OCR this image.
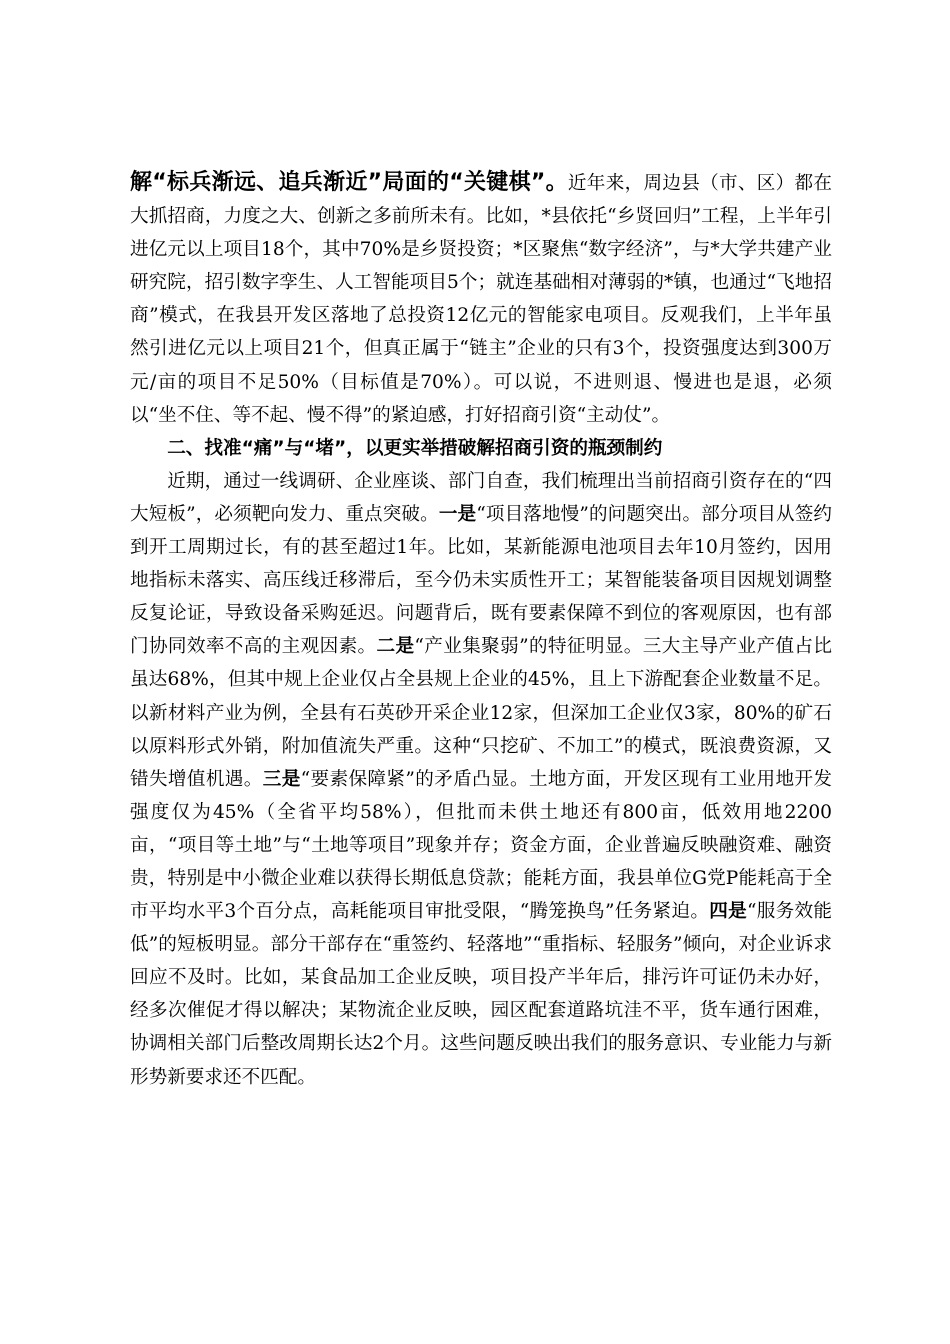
解“标兵渐远、追兵渐近”局面的“关键棋”。近年来，周边县（市、区）都在大抓招商，力度之大、创新之多前所未有。比如，*县依托“乡贤回归”工程，上半年引进亿元以上项目18个，其中70%是乡贤投资；*区聚焦“数字经济”，与*大学共建产业研究院，招引数字孪生、人工智能项目5个；就连基础相对薄弱的*镇，也通过“飞地招商”模式，在我县开发区落地了总投资12亿元的智能家电项目。反观我们，上半年虽然引进亿元以上项目21个，但真正属于“链主”企业的只有3个，投资强度达到300万元/亩的项目不足50%（目标值是70%）。可以说，不进则退、慢进也是退，必须以“坐不住、等不起、慢不得”的紧迫感，打好招商引资“主动仗”。

二、找准“痛”与“堵”，以更实举措破解招商引资的瓶颈制约

近期，通过一线调研、企业座谈、部门自查，我们梳理出当前招商引资存在的“四大短板”，必须靶向发力、重点突破。一是“项目落地慢”的问题突出。部分项目从签约到开工周期过长，有的甚至超过1年。比如，某新能源电池项目去年10月签约，因用地指标未落实、高压线迁移滞后，至今仍未实质性开工；某智能装备项目因规划调整反复论证，导致设备采购延迟。问题背后，既有要素保障不到位的客观原因，也有部门协同效率不高的主观因素。二是“产业集聚弱”的特征明显。三大主导产业产值占比虽达68%，但其中规上企业仅占全县规上企业的45%，且上下游配套企业数量不足。以新材料产业为例，全县有石英砂开采企业12家，但深加工企业仅3家，80%的矿石以原料形式外销，附加值流失严重。这种“只挖矿、不加工”的模式，既浪费资源，又错失增值机遇。三是“要素保障紧”的矛盾凸显。土地方面，开发区现有工业用地开发强度仅为45%（全省平均58%），但批而未供土地还有800亩，低效用地2200亩，“项目等土地”与“土地等项目”现象并存；资金方面，企业普遍反映融资难、融资贵，特别是中小微企业难以获得长期低息贷款；能耗方面，我县单位G党P能耗高于全市平均水平3个百分点，高耗能项目审批受限，“腾笼换鸟”任务紧迫。四是“服务效能低”的短板明显。部分干部存在“重签约、轻落地”“重指标、轻服务”倾向，对企业诉求回应不及时。比如，某食品加工企业反映，项目投产半年后，排污许可证仍未办好，经多次催促才得以解决；某物流企业反映，园区配套道路坑洼不平，货车通行困难，协调相关部门后整改周期长达2个月。这些问题反映出我们的服务意识、专业能力与新形势新要求还不匹配。
